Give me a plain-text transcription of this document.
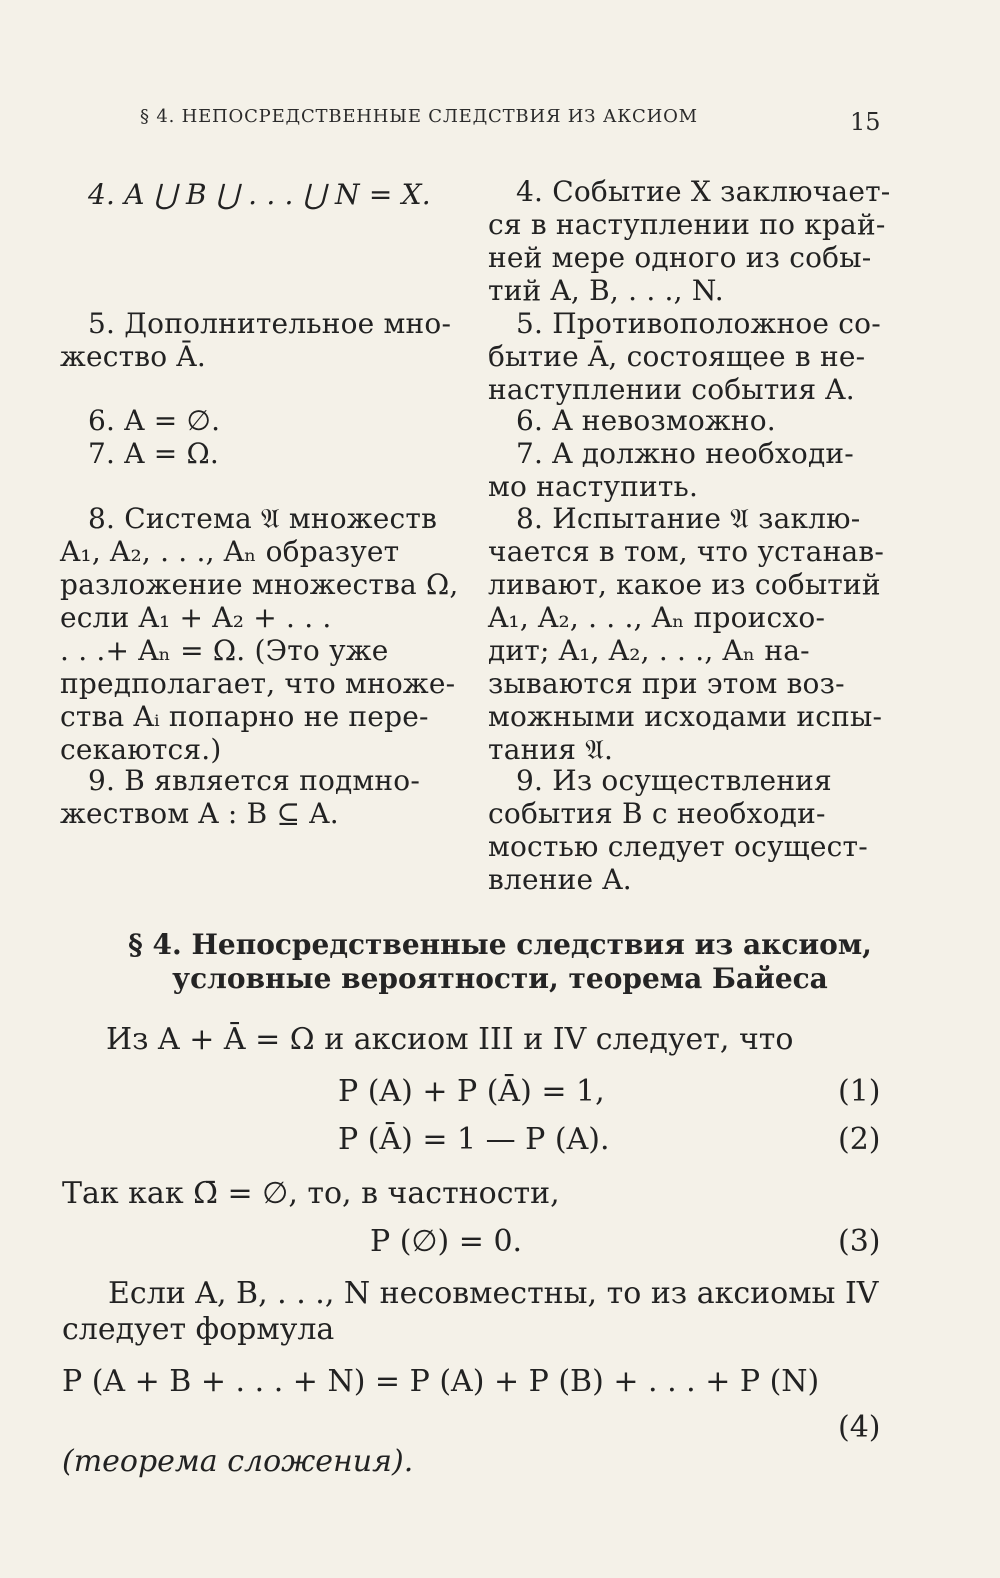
§ 4. НЕПОСРЕДСТВЕННЫЕ СЛЕДСТВИЯ ИЗ АКСИОМ	15
4. A ⋃ B ⋃ . . . ⋃ N = X.
5. Дополнительное мно-
жество Ā.
6. A = ∅.
7. A = Ω.
8. Система 𝔄 множеств
A₁, A₂, . . ., Aₙ образует
разложение множества Ω,
если A₁ + A₂ + . . .
. . .+ Aₙ = Ω. (Это уже
предполагает, что множе-
ства Aᵢ попарно не пере-
секаются.)
9. B является подмно-
жеством A : B ⊆ A.
4. Событие X заключает-
ся в наступлении по край-
ней мере одного из собы-
тий A, B, . . ., N.
5. Противоположное со-
бытие Ā, состоящее в не-
наступлении события A.
6. A невозможно.
7. A должно необходи-
мо наступить.
8. Испытание 𝔄 заклю-
чается в том, что устанав-
ливают, какое из событий
A₁, A₂, . . ., Aₙ происхо-
дит; A₁, A₂, . . ., Aₙ на-
зываются при этом воз-
можными исходами испы-
тания 𝔄.
9. Из осуществления
события B с необходи-
мостью следует осущест-
вление A.
§ 4. Непосредственные следствия из аксиом,
условные вероятности, теорема Байеса
Из A + Ā = Ω и аксиом III и IV следует, что
P (A) + P (Ā) = 1,	(1)
P (Ā) = 1 — P (A).	(2)
Так как Ω̄ = ∅, то, в частности,
P (∅) = 0.	(3)
Если A, B, . . ., N несовместны, то из аксиомы IV
следует формула
P (A + B + . . . + N) = P (A) + P (B) + . . . + P (N)
(4)
(теорема сложения).
